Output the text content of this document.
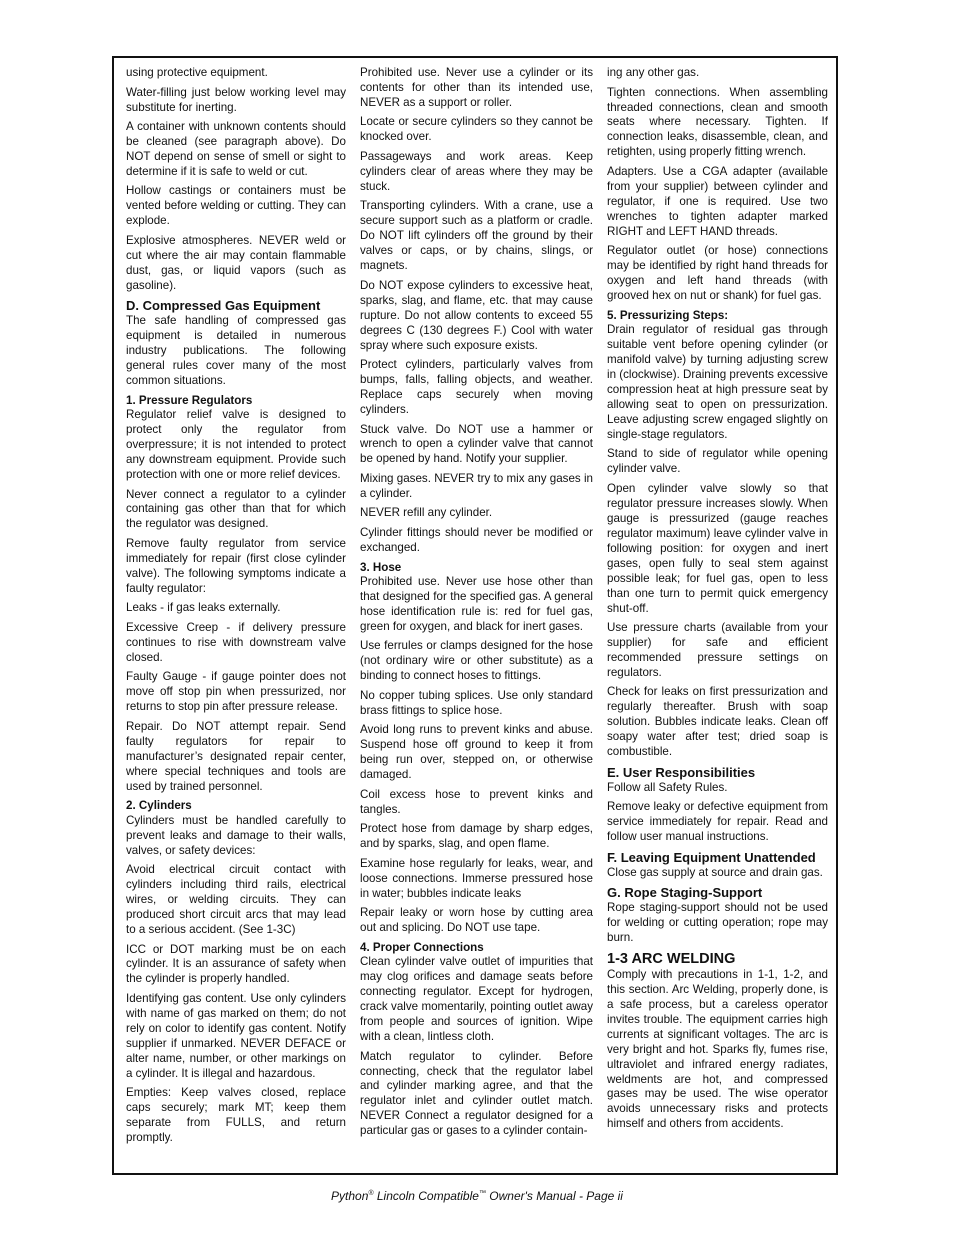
using protective equipment.

Water-filling just below working level may substitute for inerting.

A container with unknown contents should be cleaned (see paragraph above). Do NOT depend on sense of smell or sight to determine if it is safe to weld or cut.

Hollow castings or containers must be vented before welding or cutting. They can explode.

Explosive atmospheres. NEVER weld or cut where the air may contain flammable dust, gas, or liquid vapors (such as gasoline).

D. Compressed Gas Equipment

The safe handling of compressed gas equipment is detailed in numerous industry publications. The following general rules cover many of the most common situations.

1. Pressure Regulators

Regulator relief valve is designed to protect only the regulator from overpressure; it is not intended to protect any downstream equipment. Provide such protection with one or more relief devices.

Never connect a regulator to a cylinder containing gas other than that for which the regulator was designed.

Remove faulty regulator from service immediately for repair (first close cylinder valve). The following symptoms indicate a faulty regulator:

Leaks - if gas leaks externally.

Excessive Creep - if delivery pressure continues to rise with downstream valve closed.

Faulty Gauge - if gauge pointer does not move off stop pin when pressurized, nor returns to stop pin after pressure release.

Repair. Do NOT attempt repair. Send faulty regulators for repair to manufacturer’s designated repair center, where special techniques and tools are used by trained personnel.

2. Cylinders

Cylinders must be handled carefully to prevent leaks and damage to their walls, valves, or safety devices:

Avoid electrical circuit contact with cylinders including third rails, electrical wires, or welding circuits. They can produced short circuit arcs that may lead to a serious accident. (See 1-3C)

ICC or DOT marking must be on each cylinder. It is an assurance of safety when the cylinder is properly handled.

Identifying gas content. Use only cylinders with name of gas marked on them; do not rely on color to identify gas content. Notify supplier if unmarked. NEVER DEFACE or alter name, number, or other markings on a cylinder. It is illegal and hazardous.

Empties: Keep valves closed, replace caps securely; mark MT; keep them separate from FULLS, and return promptly.

Prohibited use. Never use a cylinder or its contents for other than its intended use, NEVER as a support or roller.

Locate or secure cylinders so they cannot be knocked over.

Passageways and work areas. Keep cylinders clear of areas where they may be stuck.

Transporting cylinders. With a crane, use a secure support such as a platform or cradle. Do NOT lift cylinders off the ground by their valves or caps, or by chains, slings, or magnets.

Do NOT expose cylinders to excessive heat, sparks, slag, and flame, etc. that may cause rupture. Do not allow contents to exceed 55 degrees C (130 degrees F.) Cool with water spray where such exposure exists.

Protect cylinders, particularly valves from bumps, falls, falling objects, and weather. Replace caps securely when moving cylinders.

Stuck valve. Do NOT use a hammer or wrench to open a cylinder valve that cannot be opened by hand. Notify your supplier.

Mixing gases. NEVER try to mix any gases in a cylinder.

NEVER refill any cylinder.

Cylinder fittings should never be modified or exchanged.

3. Hose

Prohibited use. Never use hose other than that designed for the specified gas. A general hose identification rule is: red for fuel gas, green for oxygen, and black for inert gases.

Use ferrules or clamps designed for the hose (not ordinary wire or other substitute) as a binding to connect hoses to fittings.

No copper tubing splices. Use only standard brass fittings to splice hose.

Avoid long runs to prevent kinks and abuse. Suspend hose off ground to keep it from being run over, stepped on, or otherwise damaged.

Coil excess hose to prevent kinks and tangles.

Protect hose from damage by sharp edges, and by sparks, slag, and open flame.

Examine hose regularly for leaks, wear, and loose connections. Immerse pressured hose in water; bubbles indicate leaks

Repair leaky or worn hose by cutting area out and splicing. Do NOT use tape.

4. Proper Connections

Clean cylinder valve outlet of impurities that may clog orifices and damage seats before connecting regulator. Except for hydrogen, crack valve momentarily, pointing outlet away from people and sources of ignition. Wipe with a clean, lintless cloth.

Match regulator to cylinder. Before connecting, check that the regulator label and cylinder marking agree, and that the regulator inlet and cylinder outlet match. NEVER Connect a regulator designed for a particular gas or gases to a cylinder contain-

ing any other gas.

Tighten connections. When assembling threaded connections, clean and smooth seats where necessary. Tighten. If connection leaks, disassemble, clean, and retighten, using properly fitting wrench.

Adapters. Use a CGA adapter (available from your supplier) between cylinder and regulator, if one is required. Use two wrenches to tighten adapter marked RIGHT and LEFT HAND threads.

Regulator outlet (or hose) connections may be identified by right hand threads for oxygen and left hand threads (with grooved hex on nut or shank) for fuel gas.

5. Pressurizing Steps:

Drain regulator of residual gas through suitable vent before opening cylinder (or manifold valve) by turning adjusting screw in (clockwise). Draining prevents excessive compression heat at high pressure seat by allowing seat to open on pressurization. Leave adjusting screw engaged slightly on single-stage regulators.

Stand to side of regulator while opening cylinder valve.

Open cylinder valve slowly so that regulator pressure increases slowly. When gauge is pressurized (gauge reaches regulator maximum) leave cylinder valve in following position: for oxygen and inert gases, open fully to seal stem against possible leak; for fuel gas, open to less than one turn to permit quick emergency shut-off.

Use pressure charts (available from your supplier) for safe and efficient recommended pressure settings on regulators.

Check for leaks on first pressurization and regularly thereafter. Brush with soap solution. Bubbles indicate leaks. Clean off soapy water after test; dried soap is combustible.

E. User Responsibilities

Follow all Safety Rules.

Remove leaky or defective equipment from service immediately for repair. Read and follow user manual instructions.

F. Leaving Equipment Unattended

Close gas supply at source and drain gas.

G. Rope Staging-Support

Rope staging-support should not be used for welding or cutting operation; rope may burn.

1-3 ARC WELDING

Comply with precautions in 1-1, 1-2, and this section. Arc Welding, properly done, is a safe process, but a careless operator invites trouble. The equipment carries high currents at significant voltages. The arc is very bright and hot. Sparks fly, fumes rise, ultraviolet and infrared energy radiates, weldments are hot, and compressed gases may be used. The wise operator avoids unnecessary risks and protects himself and others from accidents.

Python® Lincoln Compatible™ Owner's Manual - Page ii
